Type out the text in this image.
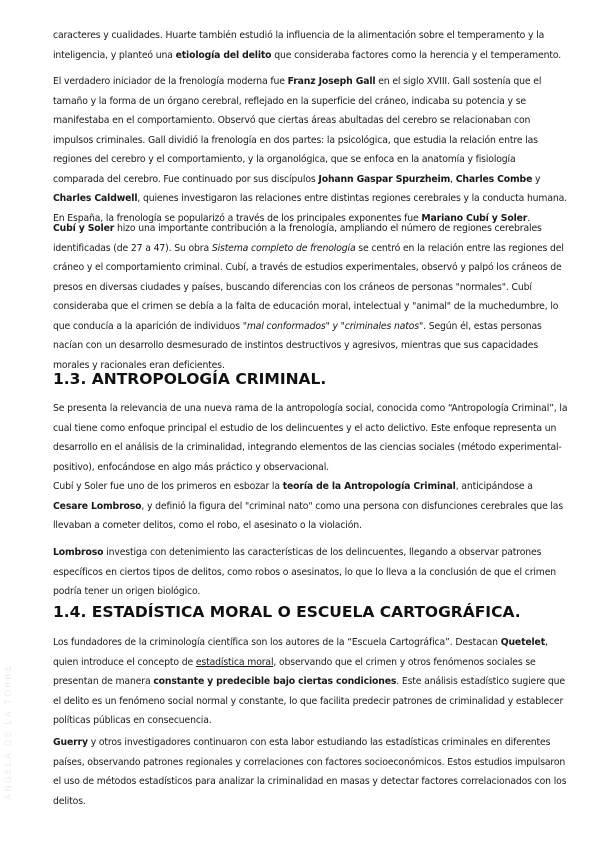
ÁNGELA DE LA TORRE

caracteres y cualidades. Huarte también estudió la influencia de la alimentación sobre el temperamento y la inteligencia, y planteó una etiología del delito que consideraba factores como la herencia y el temperamento.

El verdadero iniciador de la frenología moderna fue Franz Joseph Gall en el siglo XVIII. Gall sostenía que el tamaño y la forma de un órgano cerebral, reflejado en la superficie del cráneo, indicaba su potencia y se manifestaba en el comportamiento. Observó que ciertas áreas abultadas del cerebro se relacionaban con impulsos criminales. Gall dividió la frenología en dos partes: la psicológica, que estudia la relación entre las regiones del cerebro y el comportamiento, y la organológica, que se enfoca en la anatomía y fisiología comparada del cerebro. Fue continuado por sus discípulos Johann Gaspar Spurzheim, Charles Combe y Charles Caldwell, quienes investigaron las relaciones entre distintas regiones cerebrales y la conducta humana. En España, la frenología se popularizó a través de los principales exponentes fue Mariano Cubí y Soler.

Cubí y Soler hizo una importante contribución a la frenología, ampliando el número de regiones cerebrales identificadas (de 27 a 47). Su obra Sistema completo de frenología se centró en la relación entre las regiones del cráneo y el comportamiento criminal. Cubí, a través de estudios experimentales, observó y palpó los cráneos de presos en diversas ciudades y países, buscando diferencias con los cráneos de personas "normales". Cubí consideraba que el crimen se debía a la falta de educación moral, intelectual y "animal" de la muchedumbre, lo que conducía a la aparición de individuos "mal conformados" y "criminales natos". Según él, estas personas nacían con un desarrollo desmesurado de instintos destructivos y agresivos, mientras que sus capacidades morales y racionales eran deficientes.

1.3. ANTROPOLOGÍA CRIMINAL.

Se presenta la relevancia de una nueva rama de la antropología social, conocida como “Antropología Criminal”, la cual tiene como enfoque principal el estudio de los delincuentes y el acto delictivo. Este enfoque representa un desarrollo en el análisis de la criminalidad, integrando elementos de las ciencias sociales (método experimental-positivo), enfocándose en algo más práctico y observacional.

Cubí y Soler fue uno de los primeros en esbozar la teoría de la Antropología Criminal, anticipándose a Cesare Lombroso, y definió la figura del "criminal nato" como una persona con disfunciones cerebrales que las llevaban a cometer delitos, como el robo, el asesinato o la violación.

Lombroso investiga con detenimiento las características de los delincuentes, llegando a observar patrones específicos en ciertos tipos de delitos, como robos o asesinatos, lo que lo lleva a la conclusión de que el crimen podría tener un origen biológico.

1.4. ESTADÍSTICA MORAL O ESCUELA CARTOGRÁFICA.

Los fundadores de la criminología científica son los autores de la “Escuela Cartográfica”. Destacan Quetelet, quien introduce el concepto de estadística moral, observando que el crimen y otros fenómenos sociales se presentan de manera constante y predecible bajo ciertas condiciones. Este análisis estadístico sugiere que el delito es un fenómeno social normal y constante, lo que facilita predecir patrones de criminalidad y establecer políticas públicas en consecuencia.

Guerry y otros investigadores continuaron con esta labor estudiando las estadísticas criminales en diferentes países, observando patrones regionales y correlaciones con factores socioeconómicos. Estos estudios impulsaron el uso de métodos estadísticos para analizar la criminalidad en masas y detectar factores correlacionados con los delitos.
